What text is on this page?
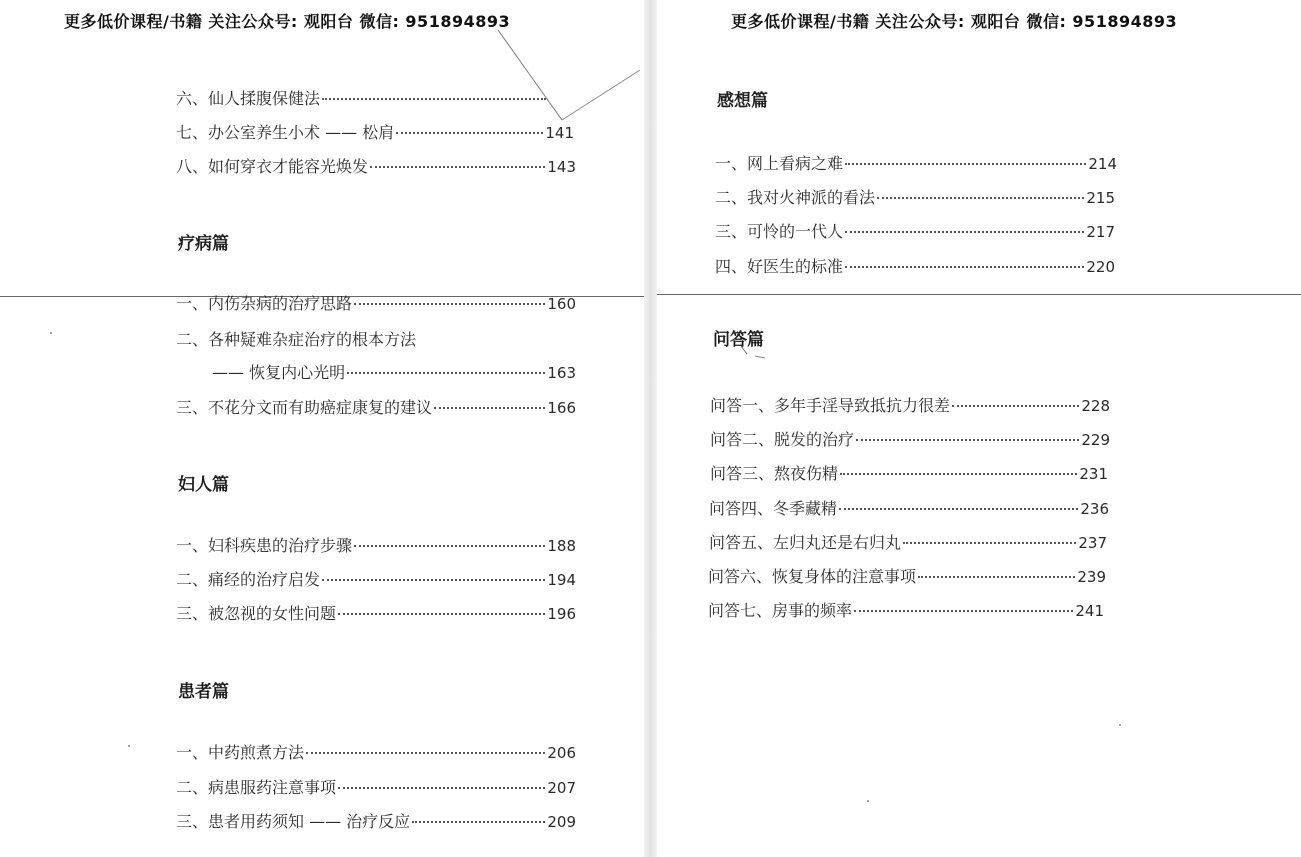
更多低价课程/书籍 关注公众号: 观阳台 微信: 951894893
六、仙人揉腹保健法
七、办公室养生小术 —— 松肩	141
八、如何穿衣才能容光焕发	143
疗病篇
一、内伤杂病的治疗思路	160
二、各种疑难杂症治疗的根本方法
—— 恢复内心光明	163
三、不花分文而有助癌症康复的建议	166
妇人篇
一、妇科疾患的治疗步骤	188
二、痛经的治疗启发	194
三、被忽视的女性问题	196
患者篇
一、中药煎煮方法	206
二、病患服药注意事项	207
三、患者用药须知 —— 治疗反应	209
更多低价课程/书籍 关注公众号: 观阳台 微信: 951894893
感想篇
一、网上看病之难	214
二、我对火神派的看法	215
三、可怜的一代人	217
四、好医生的标准	220
问答篇
问答一、多年手淫导致抵抗力很差	228
问答二、脱发的治疗	229
问答三、熬夜伤精	231
问答四、冬季藏精	236
问答五、左归丸还是右归丸	237
问答六、恢复身体的注意事项	239
问答七、房事的频率	241
